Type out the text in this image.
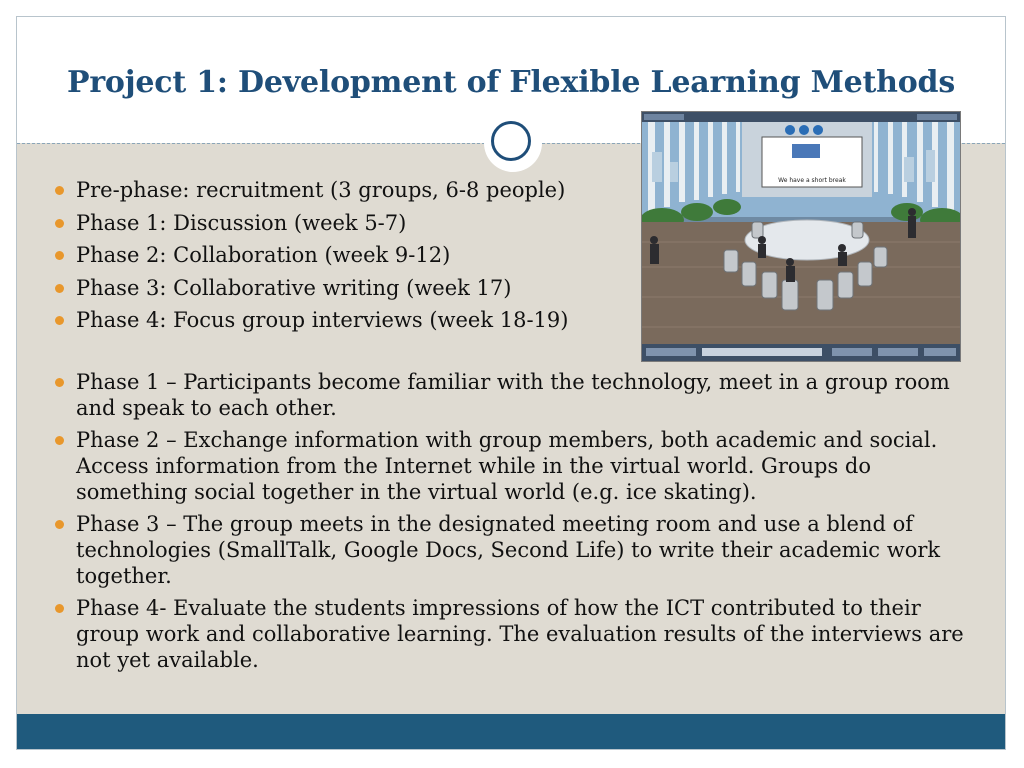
Project 1: Development of Flexible Learning Methods
Pre-phase: recruitment (3 groups, 6-8 people)
Phase 1: Discussion (week 5-7)
Phase 2: Collaboration (week 9-12)
Phase 3: Collaborative writing (week 17)
Phase 4: Focus group interviews (week 18-19)
Phase 1 – Participants become familiar with the technology, meet in a group room and speak to each other.
Phase 2 – Exchange information with group members, both academic and social. Access information from the Internet while in the virtual world. Groups do something social together in the virtual world (e.g. ice skating).
Phase 3 – The group meets in the designated meeting room and use a blend of technologies (SmallTalk, Google Docs, Second Life) to write their academic work together.
Phase 4- Evaluate the students impressions of how the ICT contributed to their group work and collaborative learning. The evaluation results of the interviews are not yet available.
We have a short break
